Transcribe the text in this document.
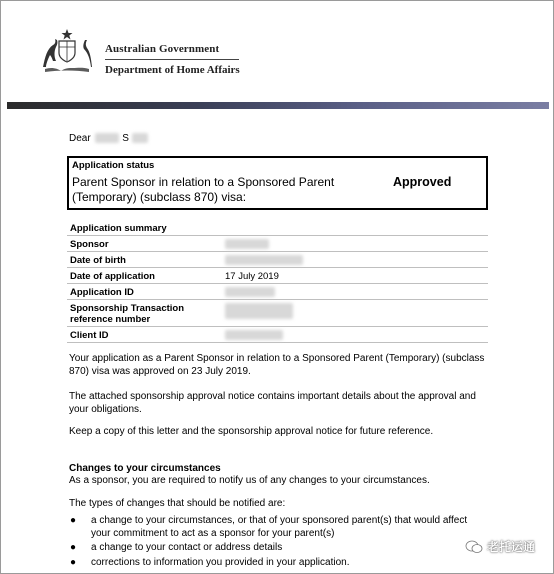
Australian Government
Department of Home Affairs
Dear	S
Application status
Parent Sponsor in relation to a Sponsored Parent (Temporary) (subclass 870) visa:
Approved
Application summary
Sponsor
Date of birth
Date of application	17 July 2019
Application ID
Sponsorship Transaction reference number
Client ID
Your application as a Parent Sponsor in relation to a Sponsored Parent (Temporary) (subclass 870) visa was approved on 23 July 2019.
The attached sponsorship approval notice contains important details about the approval and your obligations.
Keep a copy of this letter and the sponsorship approval notice for future reference.
Changes to your circumstances
As a sponsor, you are required to notify us of any changes to your circumstances.
The types of changes that should be notified are:
● a change to your circumstances, or that of your sponsored parent(s) that would affect your commitment to act as a sponsor for your parent(s)
● a change to your contact or address details
● corrections to information you provided in your application.
老托运通
